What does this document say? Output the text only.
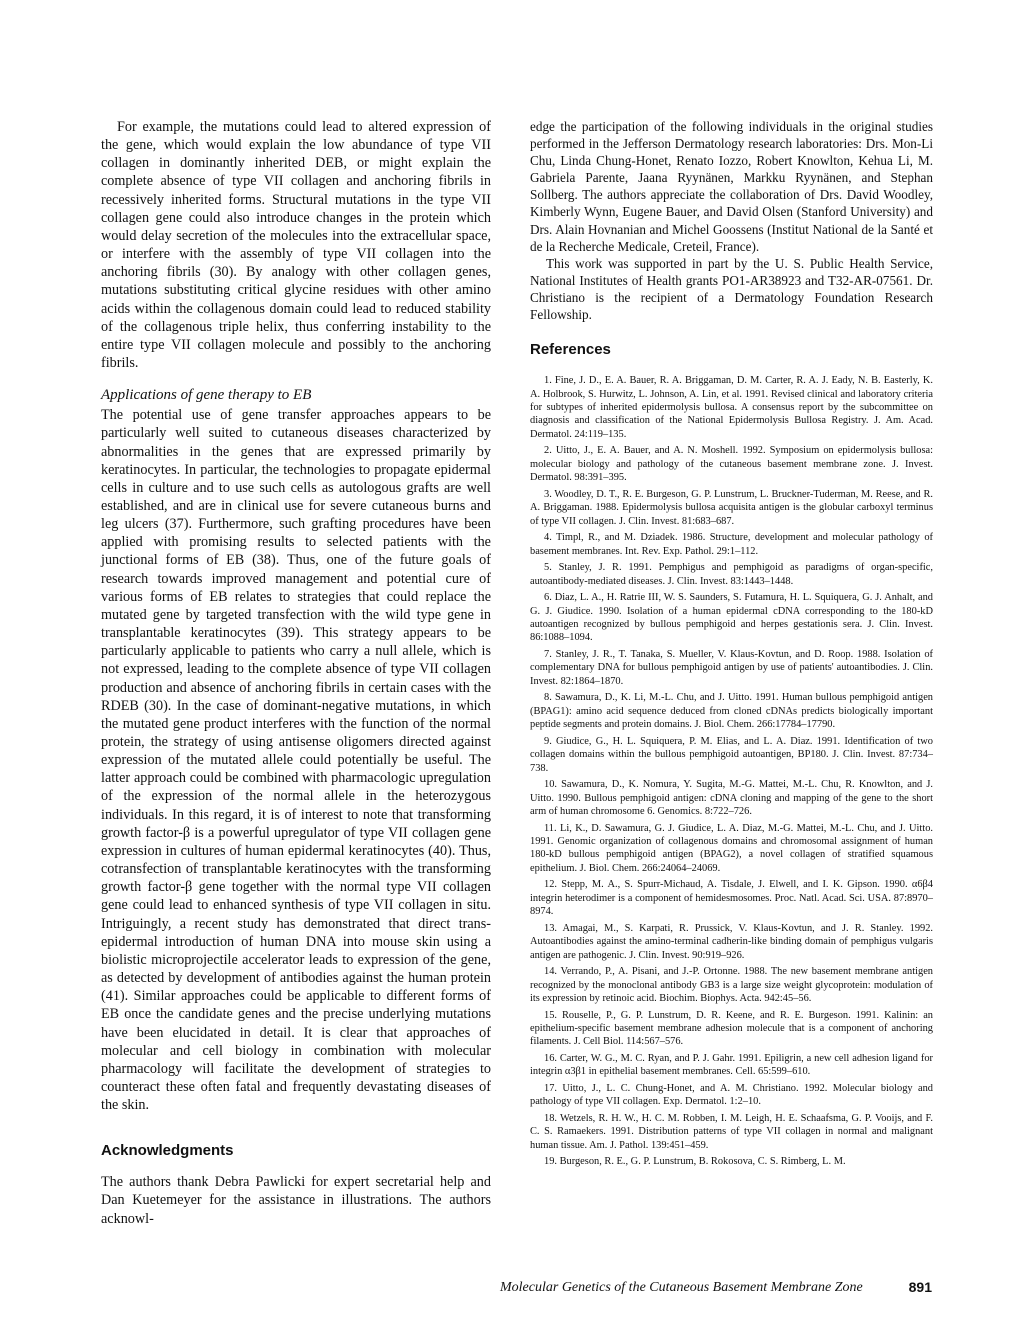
For example, the mutations could lead to altered expression of the gene, which would explain the low abundance of type VII collagen in dominantly inherited DEB, or might explain the complete absence of type VII collagen and anchoring fibrils in recessively inherited forms. Structural mutations in the type VII collagen gene could also introduce changes in the protein which would delay secretion of the molecules into the extracellular space, or interfere with the assembly of type VII collagen into the anchoring fibrils (30). By analogy with other collagen genes, mutations substituting critical glycine residues with other amino acids within the collagenous domain could lead to reduced stability of the collagenous triple helix, thus conferring instability to the entire type VII collagen molecule and possibly to the anchoring fibrils.

Applications of gene therapy to EB

The potential use of gene transfer approaches appears to be particularly well suited to cutaneous diseases characterized by abnormalities in the genes that are expressed primarily by keratinocytes. In particular, the technologies to propagate epidermal cells in culture and to use such cells as autologous grafts are well established, and are in clinical use for severe cutaneous burns and leg ulcers (37). Furthermore, such grafting procedures have been applied with promising results to selected patients with the junctional forms of EB (38). Thus, one of the future goals of research towards improved management and potential cure of various forms of EB relates to strategies that could replace the mutated gene by targeted transfection with the wild type gene in transplantable keratinocytes (39). This strategy appears to be particularly applicable to patients who carry a null allele, which is not expressed, leading to the complete absence of type VII collagen production and absence of anchoring fibrils in certain cases with the RDEB (30). In the case of dominant-negative mutations, in which the mutated gene product interferes with the function of the normal protein, the strategy of using antisense oligomers directed against expression of the mutated allele could potentially be useful. The latter approach could be combined with pharmacologic upregulation of the expression of the normal allele in the heterozygous individuals. In this regard, it is of interest to note that transforming growth factor-β is a powerful upregulator of type VII collagen gene expression in cultures of human epidermal keratinocytes (40). Thus, cotransfection of transplantable keratinocytes with the transforming growth factor-β gene together with the normal type VII collagen gene could lead to enhanced synthesis of type VII collagen in situ. Intriguingly, a recent study has demonstrated that direct trans-epidermal introduction of human DNA into mouse skin using a biolistic microprojectile accelerator leads to expression of the gene, as detected by development of antibodies against the human protein (41). Similar approaches could be applicable to different forms of EB once the candidate genes and the precise underlying mutations have been elucidated in detail. It is clear that approaches of molecular and cell biology in combination with molecular pharmacology will facilitate the development of strategies to counteract these often fatal and frequently devastating diseases of the skin.

Acknowledgments

The authors thank Debra Pawlicki for expert secretarial help and Dan Kuetemeyer for the assistance in illustrations. The authors acknowl-

edge the participation of the following individuals in the original studies performed in the Jefferson Dermatology research laboratories: Drs. Mon-Li Chu, Linda Chung-Honet, Renato Iozzo, Robert Knowlton, Kehua Li, M. Gabriela Parente, Jaana Ryynänen, Markku Ryynänen, and Stephan Sollberg. The authors appreciate the collaboration of Drs. David Woodley, Kimberly Wynn, Eugene Bauer, and David Olsen (Stanford University) and Drs. Alain Hovnanian and Michel Goossens (Institut National de la Santé et de la Recherche Medicale, Creteil, France).

This work was supported in part by the U. S. Public Health Service, National Institutes of Health grants PO1-AR38923 and T32-AR-07561. Dr. Christiano is the recipient of a Dermatology Foundation Research Fellowship.

References
1. Fine, J. D., E. A. Bauer, R. A. Briggaman, D. M. Carter, R. A. J. Eady, N. B. Easterly, K. A. Holbrook, S. Hurwitz, L. Johnson, A. Lin, et al. 1991. Revised clinical and laboratory criteria for subtypes of inherited epidermolysis bullosa. A consensus report by the subcommittee on diagnosis and classification of the National Epidermolysis Bullosa Registry. J. Am. Acad. Dermatol. 24:119–135.
2. Uitto, J., E. A. Bauer, and A. N. Moshell. 1992. Symposium on epidermolysis bullosa: molecular biology and pathology of the cutaneous basement membrane zone. J. Invest. Dermatol. 98:391–395.
3. Woodley, D. T., R. E. Burgeson, G. P. Lunstrum, L. Bruckner-Tuderman, M. Reese, and R. A. Briggaman. 1988. Epidermolysis bullosa acquisita antigen is the globular carboxyl terminus of type VII collagen. J. Clin. Invest. 81:683–687.
4. Timpl, R., and M. Dziadek. 1986. Structure, development and molecular pathology of basement membranes. Int. Rev. Exp. Pathol. 29:1–112.
5. Stanley, J. R. 1991. Pemphigus and pemphigoid as paradigms of organ-specific, autoantibody-mediated diseases. J. Clin. Invest. 83:1443–1448.
6. Diaz, L. A., H. Ratrie III, W. S. Saunders, S. Futamura, H. L. Squiquera, G. J. Anhalt, and G. J. Giudice. 1990. Isolation of a human epidermal cDNA corresponding to the 180-kD autoantigen recognized by bullous pemphigoid and herpes gestationis sera. J. Clin. Invest. 86:1088–1094.
7. Stanley, J. R., T. Tanaka, S. Mueller, V. Klaus-Kovtun, and D. Roop. 1988. Isolation of complementary DNA for bullous pemphigoid antigen by use of patients' autoantibodies. J. Clin. Invest. 82:1864–1870.
8. Sawamura, D., K. Li, M.-L. Chu, and J. Uitto. 1991. Human bullous pemphigoid antigen (BPAG1): amino acid sequence deduced from cloned cDNAs predicts biologically important peptide segments and protein domains. J. Biol. Chem. 266:17784–17790.
9. Giudice, G., H. L. Squiquera, P. M. Elias, and L. A. Diaz. 1991. Identification of two collagen domains within the bullous pemphigoid autoantigen, BP180. J. Clin. Invest. 87:734–738.
10. Sawamura, D., K. Nomura, Y. Sugita, M.-G. Mattei, M.-L. Chu, R. Knowlton, and J. Uitto. 1990. Bullous pemphigoid antigen: cDNA cloning and mapping of the gene to the short arm of human chromosome 6. Genomics. 8:722–726.
11. Li, K., D. Sawamura, G. J. Giudice, L. A. Diaz, M.-G. Mattei, M.-L. Chu, and J. Uitto. 1991. Genomic organization of collagenous domains and chromosomal assignment of human 180-kD bullous pemphigoid antigen (BPAG2), a novel collagen of stratified squamous epithelium. J. Biol. Chem. 266:24064–24069.
12. Stepp, M. A., S. Spurr-Michaud, A. Tisdale, J. Elwell, and I. K. Gipson. 1990. α6β4 integrin heterodimer is a component of hemidesmosomes. Proc. Natl. Acad. Sci. USA. 87:8970–8974.
13. Amagai, M., S. Karpati, R. Prussick, V. Klaus-Kovtun, and J. R. Stanley. 1992. Autoantibodies against the amino-terminal cadherin-like binding domain of pemphigus vulgaris antigen are pathogenic. J. Clin. Invest. 90:919–926.
14. Verrando, P., A. Pisani, and J.-P. Ortonne. 1988. The new basement membrane antigen recognized by the monoclonal antibody GB3 is a large size weight glycoprotein: modulation of its expression by retinoic acid. Biochim. Biophys. Acta. 942:45–56.
15. Rouselle, P., G. P. Lunstrum, D. R. Keene, and R. E. Burgeson. 1991. Kalinin: an epithelium-specific basement membrane adhesion molecule that is a component of anchoring filaments. J. Cell Biol. 114:567–576.
16. Carter, W. G., M. C. Ryan, and P. J. Gahr. 1991. Epiligrin, a new cell adhesion ligand for integrin α3β1 in epithelial basement membranes. Cell. 65:599–610.
17. Uitto, J., L. C. Chung-Honet, and A. M. Christiano. 1992. Molecular biology and pathology of type VII collagen. Exp. Dermatol. 1:2–10.
18. Wetzels, R. H. W., H. C. M. Robben, I. M. Leigh, H. E. Schaafsma, G. P. Vooijs, and F. C. S. Ramaekers. 1991. Distribution patterns of type VII collagen in normal and malignant human tissue. Am. J. Pathol. 139:451–459.
19. Burgeson, R. E., G. P. Lunstrum, B. Rokosova, C. S. Rimberg, L. M.
Molecular Genetics of the Cutaneous Basement Membrane Zone	891
